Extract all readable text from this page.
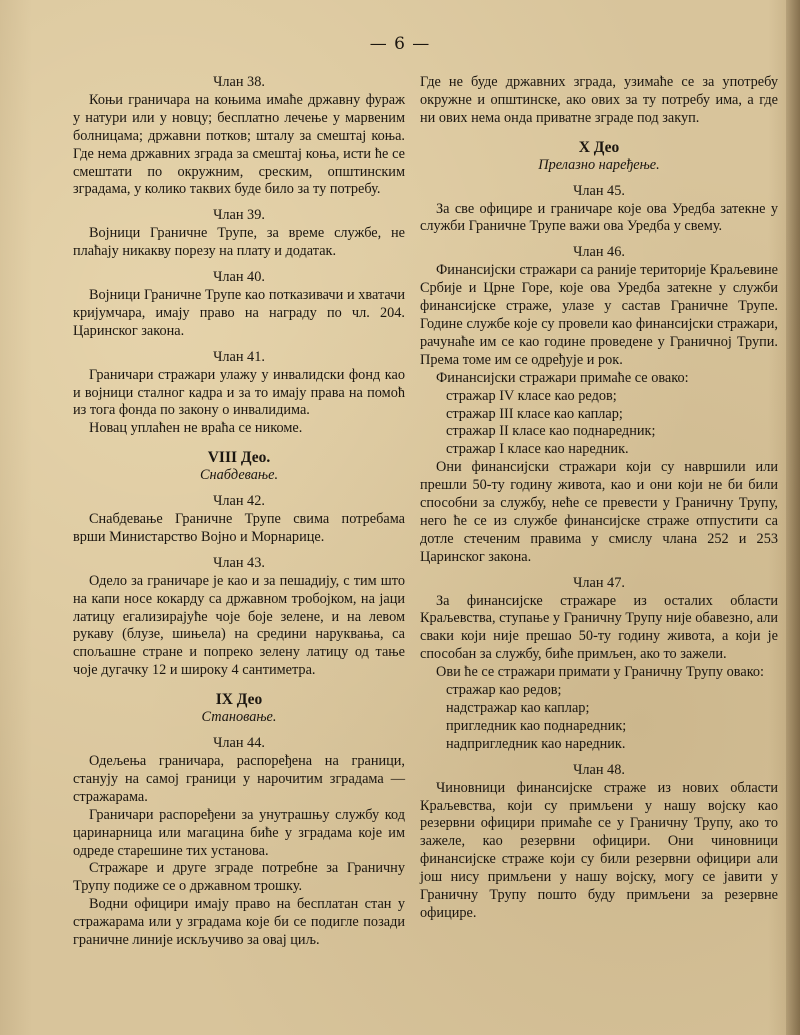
— 6 —
Члан 38.

Коњи граничара на коњима имаће државну фураж у натури или у новцу; бесплатно лечење у марвеним болницама; државни потков; шталу за смештај коња. Где нема државних зграда за смештај коња, исти ће се смештати по окружним, среским, општинским зградама, у колико таквих буде било за ту потребу.

Члан 39.

Војници Граничне Трупе, за време службе, не плаћају никакву порезу на плату и додатак.

Члан 40.

Војници Граничне Трупе као потказивачи и хватачи кријумчара, имају право на награду по чл. 204. Царинског закона.

Члан 41.

Граничари стражари улажу у инвалидски фонд као и војници сталног кадра и за то имају права на помоћ из тога фонда по закону о инвалидима.

Новац уплаћен не враћа се никоме.

VIII Део.
Снабдевање.
Члан 42.

Снабдевање Граничне Трупе свима потребама врши Министарство Војно и Морнарице.

Члан 43.

Одело за граничаре је као и за пешадију, с тим што на капи носе кокарду са државном тробојком, на јаци латицу егализирајуће чоје боје зелене, и на левом рукаву (блузе, шињела) на средини наруквања, са спољашне стране и попреко зелену латицу од тање чоје дугачку 12 и широку 4 сантиметра.

IX Део
Становање.
Члан 44.

Одељења граничара, распоређена на граници, станују на самој граници у нарочитим зградама — стражарама.

Граничари распоређени за унутрашњу службу код царинарница или магацина биће у зградама које им одреде старешине тих установа.

Стражаре и друге зграде потребне за Граничну Трупу подиже се о државном трошку.

Водни официри имају право на бесплатан стан у стражарама или у зградама које би се подигле позади граничне линије искључиво за овај циљ.

Где не буде државних зграда, узимаће се за употребу окружне и општинске, ако ових за ту потребу има, а где ни ових нема онда приватне зграде под закуп.

X Део
Прелазно наређење.
Члан 45.

За све официре и граничаре које ова Уредба затекне у служби Граничне Трупе важи ова Уредба у свему.

Члан 46.

Финансијски стражари са раније територије Краљевине Србије и Црне Горе, које ова Уредба затекне у служби финансијске страже, улазе у састав Граничне Трупе. Године службе које су провели као финансијски стражари, рачунаће им се као године проведене у Граничној Трупи. Према томе им се одређује и рок.

Финансијски стражари примаће се овако:

стражар IV класе као редов;

стражар III класе као каплар;

стражар II класе као поднаредник;

стражар I класе као наредник.

Они финансијски стражари који су навршили или прешли 50-ту годину живота, као и они који не би били способни за службу, неће се превести у Граничну Трупу, него ће се из службе финансијске страже отпустити са дотле стеченим правима у смислу члана 252 и 253 Царинског закона.

Члан 47.

За финансијске стражаре из осталих области Краљевства, ступање у Граничну Трупу није обавезно, али сваки који није прешао 50-ту годину живота, а који је способан за службу, биће примљен, ако то зажели.

Ови ће се стражари примати у Граничну Трупу овако:

стражар као редов;

надстражар као каплар;

пригледник као поднаредник;

надпригледник као наредник.

Члан 48.

Чиновници финансијске страже из нових области Краљевства, који су примљени у нашу војску као резервни официри примаће се у Граничну Трупу, ако то зажеле, као резервни официри. Они чиновници финансијске страже који су били резервни официри али још нису примљени у нашу војску, могу се јавити у Граничну Трупу пошто буду примљени за резервне официре.
